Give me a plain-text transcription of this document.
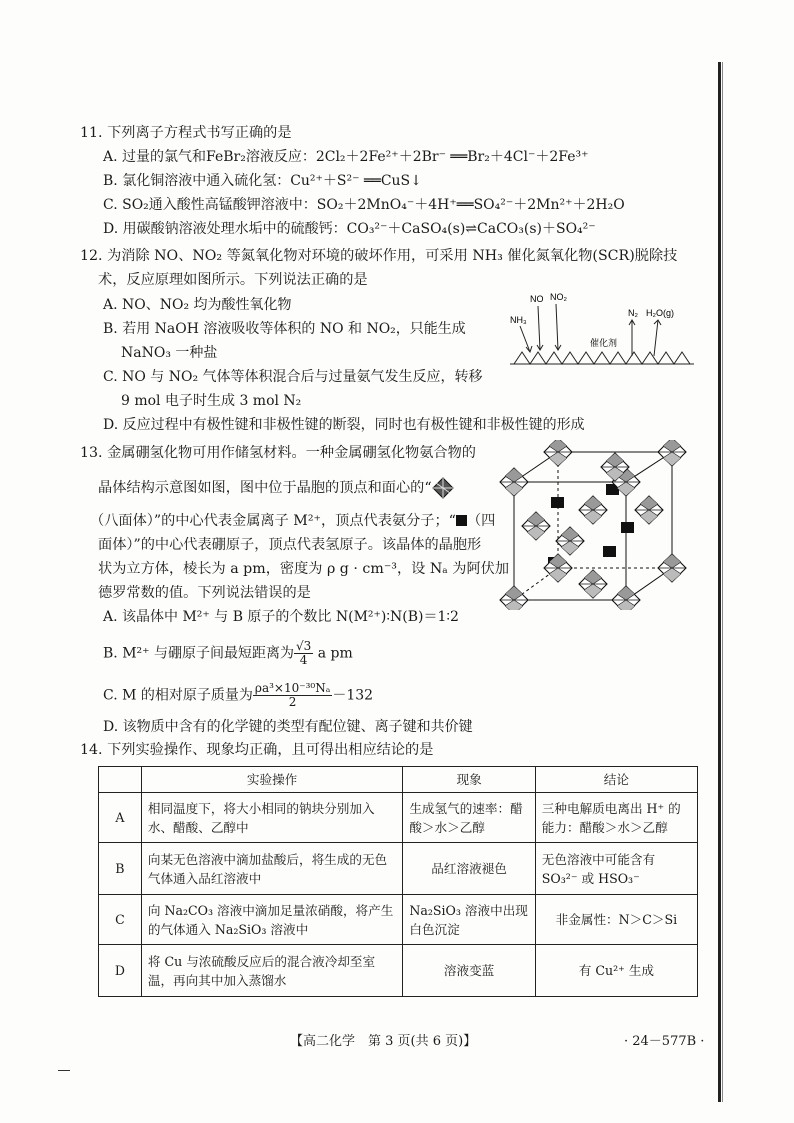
11. 下列离子方程式书写正确的是
A. 过量的氯气和FeBr₂溶液反应：2Cl₂＋2Fe²⁺＋2Br⁻ ══Br₂＋4Cl⁻＋2Fe³⁺
B. 氯化铜溶液中通入硫化氢：Cu²⁺＋S²⁻ ══CuS↓
C. SO₂通入酸性高锰酸钾溶液中：SO₂＋2MnO₄⁻＋4H⁺══SO₄²⁻＋2Mn²⁺＋2H₂O
D. 用碳酸钠溶液处理水垢中的硫酸钙：CO₃²⁻＋CaSO₄(s)⇌CaCO₃(s)＋SO₄²⁻
12. 为消除 NO、NO₂ 等氮氧化物对环境的破坏作用，可采用 NH₃ 催化氮氧化物(SCR)脱除技
术，反应原理如图所示。下列说法正确的是
A. NO、NO₂ 均为酸性氧化物
B. 若用 NaOH 溶液吸收等体积的 NO 和 NO₂，只能生成
NaNO₃ 一种盐
C. NO 与 NO₂ 气体等体积混合后与过量氨气发生反应，转移
9 mol 电子时生成 3 mol N₂
D. 反应过程中有极性键和非极性键的断裂，同时也有极性键和非极性键的形成
NH₃
NO NO₂
N₂ H₂O(g)
催化剂
13. 金属硼氢化物可用作储氢材料。一种金属硼氢化物氨合物的
晶体结构示意图如图，图中位于晶胞的顶点和面心的“
（八面体）”的中心代表金属离子 M²⁺，顶点代表氨分子；“ （四
面体）”的中心代表硼原子，顶点代表氢原子。该晶体的晶胞形
状为立方体，棱长为 a pm，密度为 ρ g · cm⁻³，设 Nₐ 为阿伏加
德罗常数的值。下列说法错误的是
A. 该晶体中 M²⁺ 与 B 原子的个数比 N(M²⁺)∶N(B)＝1∶2
B. M²⁺ 与硼原子间最短距离为 $\frac{√3}{4}$ a pm
C. M 的相对原子质量为 $\frac{\text{ρa³×10⁻³⁰Nₐ}}{2} -132$
D. 该物质中含有的化学键的类型有配位键、离子键和共价键
14. 下列实验操作、现象均正确，且可得出相应结论的是
	实验操作	现象	结论
A	相同温度下，将大小相同的钠块分别加入水、醋酸、乙醇中	生成氢气的速率：醋酸＞水＞乙醇	三种电解质电离出 H⁺ 的能力：醋酸＞水＞乙醇
B	向某无色溶液中滴加盐酸后，将生成的无色气体通入品红溶液中	品红溶液褪色	无色溶液中可能含有 SO₃²⁻ 或 HSO₃⁻
C	向 Na₂CO₃ 溶液中滴加足量浓硝酸，将产生的气体通入 Na₂SiO₃ 溶液中	Na₂SiO₃ 溶液中出现白色沉淀	非金属性：N＞C＞Si
D	将 Cu 与浓硫酸反应后的混合液冷却至室温，再向其中加入蒸馏水	溶液变蓝	有 Cu²⁺ 生成
【高二化学　第 3 页(共 6 页)】	· 24－577B ·
